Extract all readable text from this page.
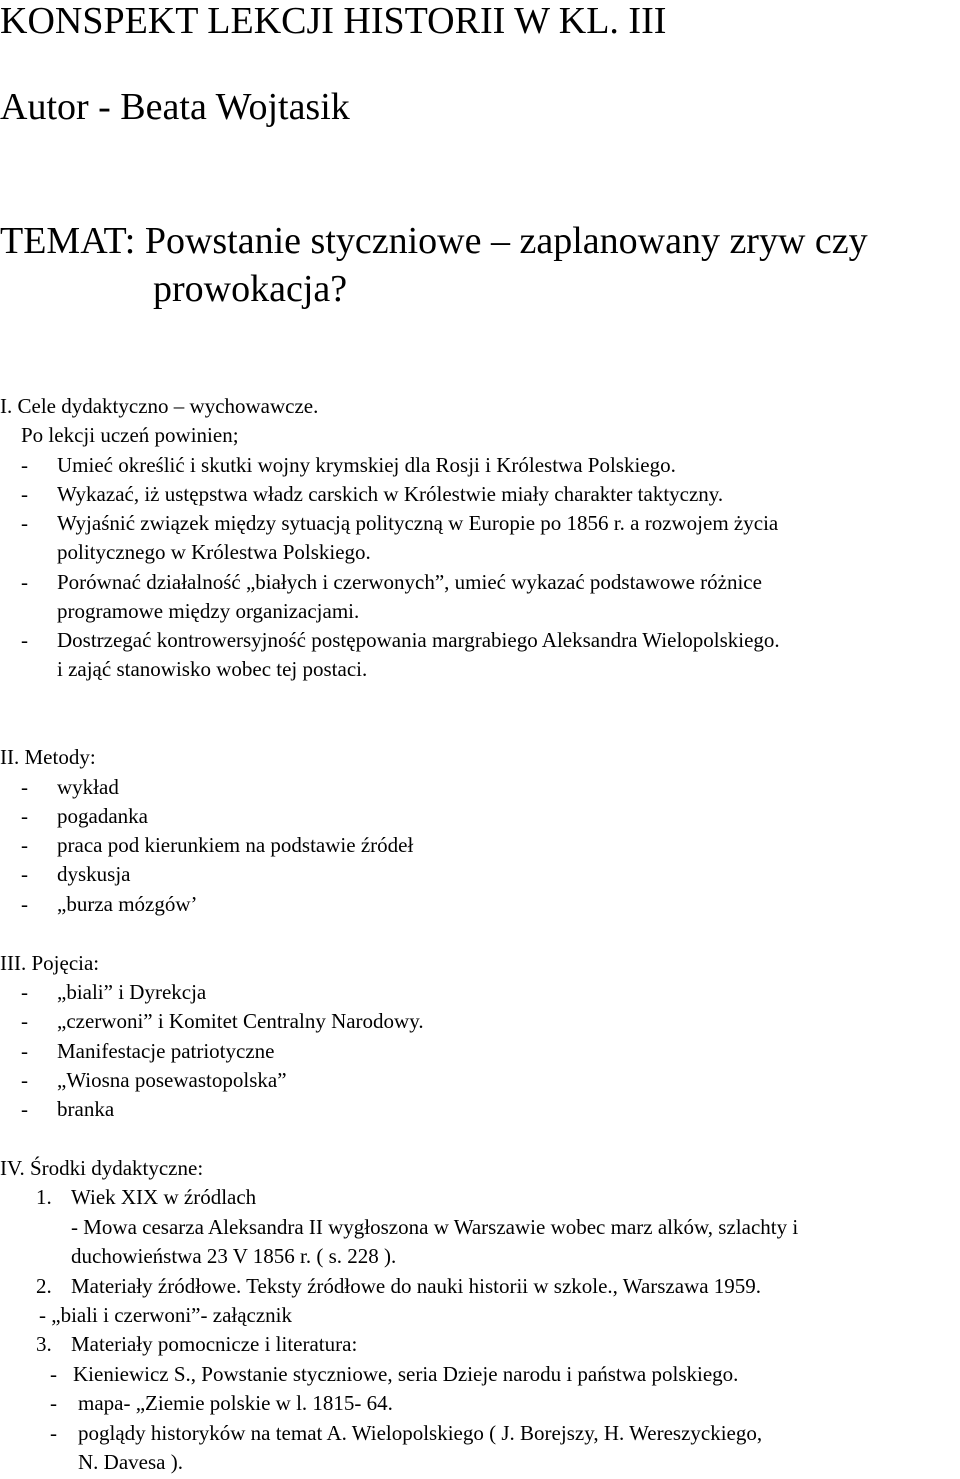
KONSPEKT LEKCJI HISTORII W KL. III
Autor - Beata Wojtasik
TEMAT: Powstanie styczniowe – zaplanowany zryw czy
prowokacja?
I. Cele dydaktyczno – wychowawcze.
Po lekcji uczeń powinien;
- Umieć określić i skutki wojny krymskiej dla Rosji i Królestwa Polskiego.
- Wykazać, iż ustępstwa władz carskich w Królestwie miały charakter taktyczny.
- Wyjaśnić związek między sytuacją polityczną w Europie po 1856 r. a rozwojem życia
politycznego w Królestwa Polskiego.
- Porównać działalność „białych i czerwonych”, umieć wykazać podstawowe różnice
programowe między organizacjami.
- Dostrzegać kontrowersyjność postępowania margrabiego Aleksandra Wielopolskiego.
i zająć stanowisko wobec tej postaci.
II. Metody:
- wykład
- pogadanka
- praca pod kierunkiem na podstawie źródeł
- dyskusja
- „burza mózgów’
III. Pojęcia:
- „biali” i Dyrekcja
- „czerwoni” i Komitet Centralny Narodowy.
- Manifestacje patriotyczne
- „Wiosna posewastopolska”
- branka
IV. Środki dydaktyczne:
1. Wiek XIX w źródlach
- Mowa cesarza Aleksandra II wygłoszona w Warszawie wobec marz alków, szlachty i
duchowieństwa 23 V 1856 r. ( s. 228 ).
2. Materiały źródłowe. Teksty źródłowe do nauki historii w szkole., Warszawa 1959.
- „biali i czerwoni”- załącznik
3. Materiały pomocnicze i literatura:
- Kieniewicz S., Powstanie styczniowe, seria Dzieje narodu i państwa polskiego.
- mapa- „Ziemie polskie w l. 1815- 64.
- poglądy historyków na temat A. Wielopolskiego ( J. Borejszy, H. Wereszyckiego,
N. Davesa ).
